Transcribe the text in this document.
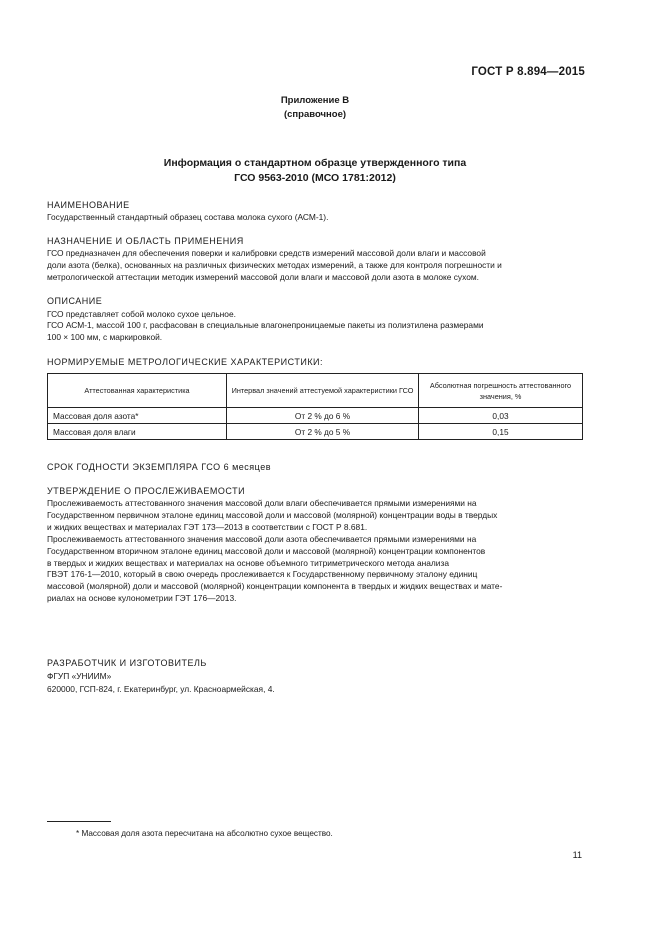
ГОСТ Р 8.894—2015
Приложение В
(справочное)
Информация о стандартном образце утвержденного типа
ГСО 9563-2010 (МСО 1781:2012)
НАИМЕНОВАНИЕ
Государственный стандартный образец состава молока сухого (АСМ-1).
НАЗНАЧЕНИЕ И ОБЛАСТЬ ПРИМЕНЕНИЯ
ГСО предназначен для обеспечения поверки и калибровки средств измерений массовой доли влаги и массовой
доли азота (белка), основанных на различных физических методах измерений, а также для контроля погрешности и
метрологической аттестации методик измерений массовой доли влаги и массовой доли азота в молоке сухом.
ОПИСАНИЕ
ГСО представляет собой молоко сухое цельное.
ГСО АСМ-1, массой 100 г, расфасован в специальные влагонепроницаемые пакеты из полиэтилена размерами
100 × 100 мм, с маркировкой.
НОРМИРУЕМЫЕ МЕТРОЛОГИЧЕСКИЕ ХАРАКТЕРИСТИКИ:
Аттестованная характеристика	Интервал значений аттестуемой характеристики ГСО	Абсолютная погрешность аттестованного значения, %
Массовая доля азота*	От 2 % до 6 %	0,03
Массовая доля влаги	От 2 % до 5 %	0,15
СРОК ГОДНОСТИ ЭКЗЕМПЛЯРА ГСО 6 месяцев
УТВЕРЖДЕНИЕ О ПРОСЛЕЖИВАЕМОСТИ
Прослеживаемость аттестованного значения массовой доли влаги обеспечивается прямыми измерениями на
Государственном первичном эталоне единиц массовой доли и массовой (молярной) концентрации воды в твердых
и жидких веществах и материалах ГЭТ 173—2013 в соответствии с ГОСТ Р 8.681.
Прослеживаемость аттестованного значения массовой доли азота обеспечивается прямыми измерениями на
Государственном вторичном эталоне единиц массовой доли и массовой (молярной) концентрации компонентов
в твердых и жидких веществах и материалах на основе объемного титриметрического метода анализа
ГВЭТ 176-1—2010, который в свою очередь прослеживается к Государственному первичному эталону единиц
массовой (молярной) доли и массовой (молярной) концентрации компонента в твердых и жидких веществах и мате-
риалах на основе кулонометрии ГЭТ 176—2013.
РАЗРАБОТЧИК И ИЗГОТОВИТЕЛЬ
ФГУП «УНИИМ»
620000, ГСП-824, г. Екатеринбург, ул. Красноармейская, 4.
* Массовая доля азота пересчитана на абсолютно сухое вещество.
11
